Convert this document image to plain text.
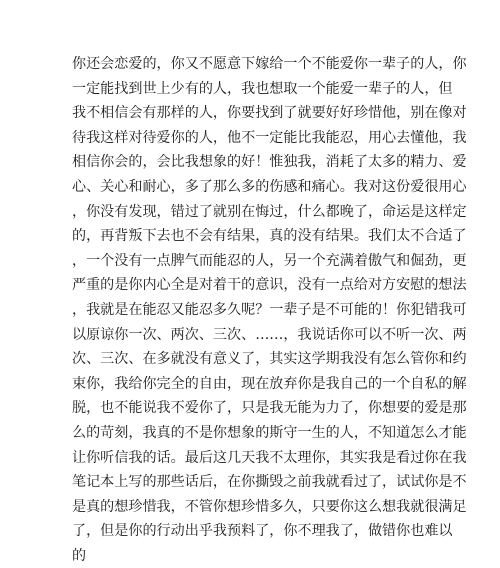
你还会恋爱的，你又不愿意下嫁给一个不能爱你一辈子的人，你
一定能找到世上少有的人，我也想取一个能爱一辈子的人，但
我不相信会有那样的人，你要找到了就要好好珍惜他，别在像对
待我这样对待爱你的人，他不一定能比我能忍，用心去懂他，我
相信你会的，会比我想象的好！惟独我，消耗了太多的精力、爱
心、关心和耐心，多了那么多的伤感和痛心。我对这份爱很用心
，你没有发现，错过了就别在悔过，什么都晚了，命运是这样定
的，再背叛下去也不会有结果，真的没有结果。我们太不合适了
，一个没有一点脾气而能忍的人，另一个充满着傲气和倔劲，更
严重的是你内心全是对着干的意识，没有一点给对方安慰的想法
，我就是在能忍又能忍多久呢？一辈子是不可能的！你犯错我可
以原谅你一次、两次、三次、……，我说话你可以不听一次、两
次、三次、在多就没有意义了，其实这学期我没有怎么管你和约
束你，我给你完全的自由，现在放弃你是我自己的一个自私的解
脱，也不能说我不爱你了，只是我无能为力了，你想要的爱是那
么的苛刻，我真的不是你想象的斯守一生的人，不知道怎么才能
让你听信我的话。最后这几天我不太理你，其实我是看过你在我
笔记本上写的那些话后，在你撕毁之前我就看过了，试试你是不
是真的想珍惜我，不管你想珍惜多久，只要你这么想我就很满足
了，但是你的行动出乎我预料了，你不理我了，做错你也难以
的
